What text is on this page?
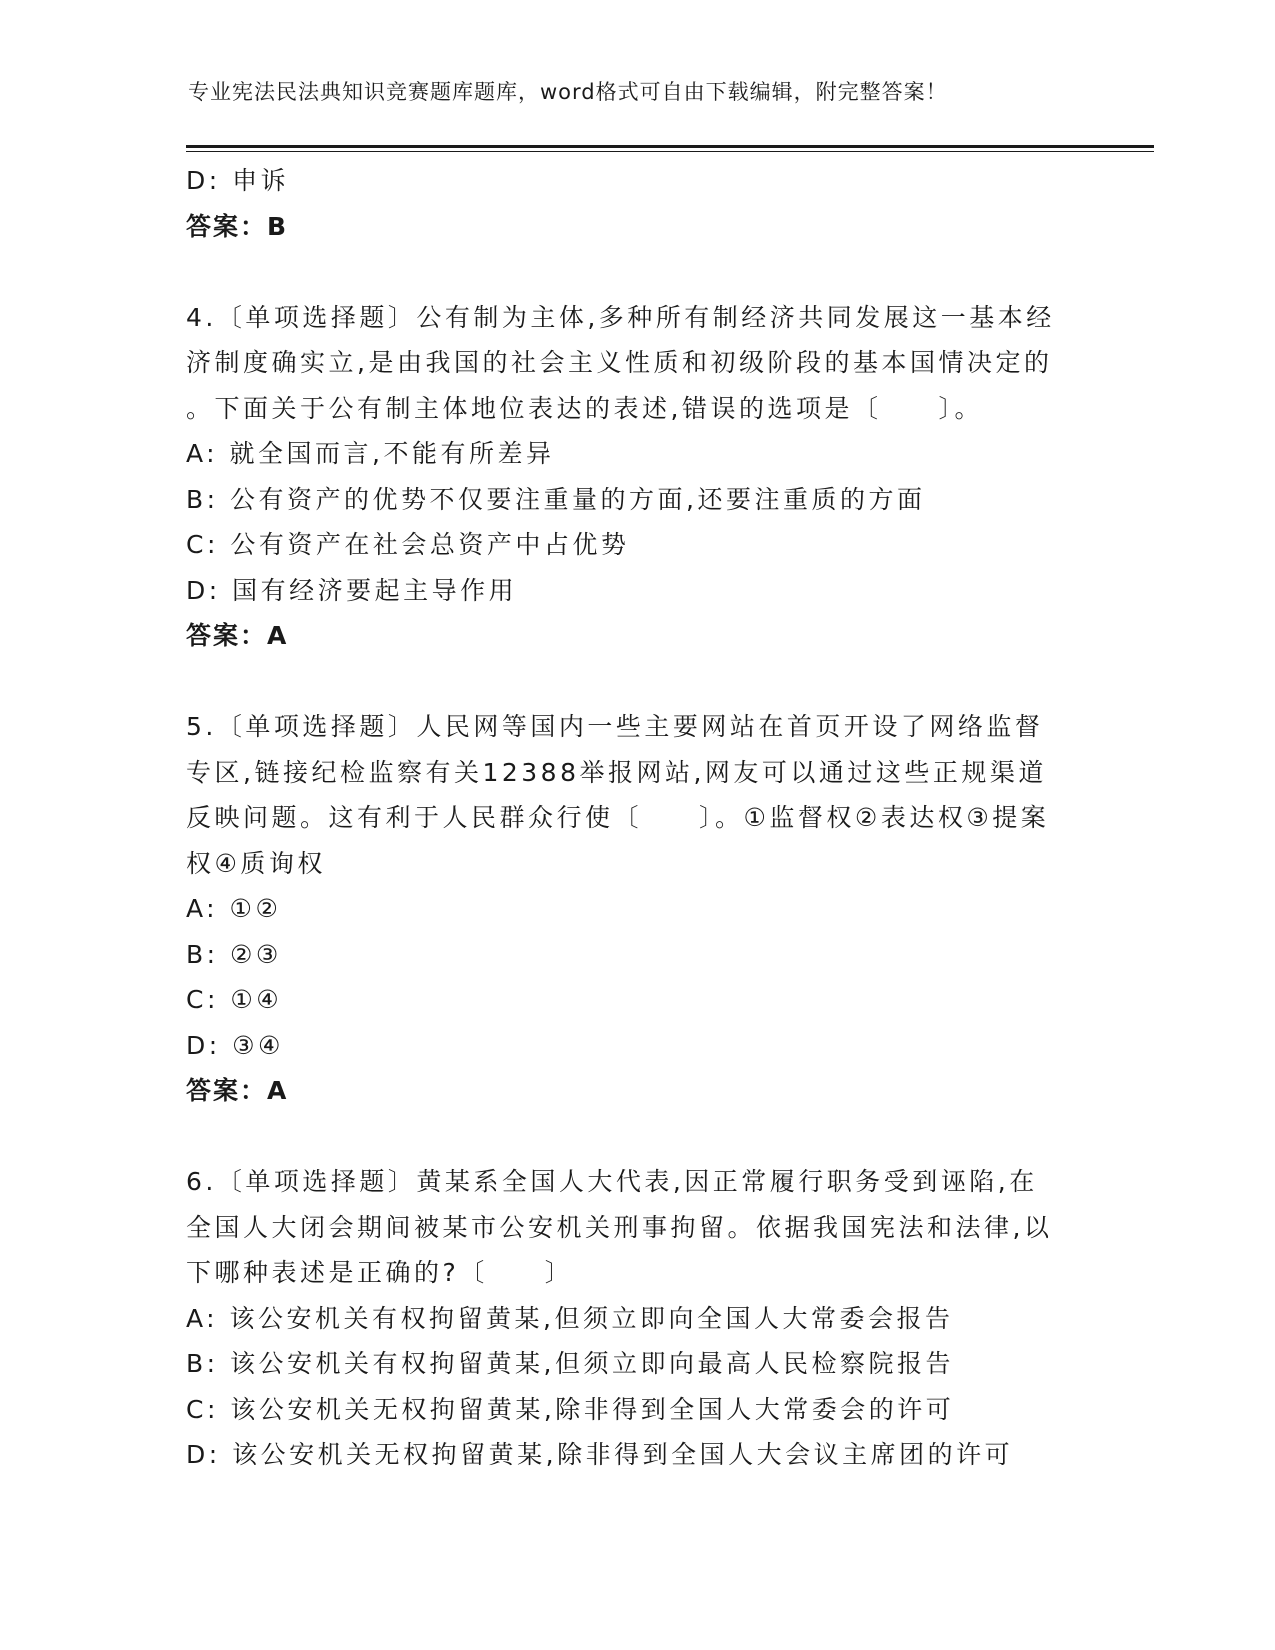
专业宪法民法典知识竞赛题库题库，word格式可自由下载编辑，附完整答案！
D: 申诉
答案：B
4.〔单项选择题〕公有制为主体,多种所有制经济共同发展这一基本经
济制度确实立,是由我国的社会主义性质和初级阶段的基本国情决定的
。下面关于公有制主体地位表达的表述,错误的选项是〔　　〕。
A: 就全国而言,不能有所差异
B: 公有资产的优势不仅要注重量的方面,还要注重质的方面
C: 公有资产在社会总资产中占优势
D: 国有经济要起主导作用
答案：A
5.〔单项选择题〕人民网等国内一些主要网站在首页开设了网络监督
专区,链接纪检监察有关12388举报网站,网友可以通过这些正规渠道
反映问题。这有利于人民群众行使〔　　〕。①监督权②表达权③提案
权④质询权
A: ①②
B: ②③
C: ①④
D: ③④
答案：A
6.〔单项选择题〕黄某系全国人大代表,因正常履行职务受到诬陷,在
全国人大闭会期间被某市公安机关刑事拘留。依据我国宪法和法律,以
下哪种表述是正确的?〔　　〕
A: 该公安机关有权拘留黄某,但须立即向全国人大常委会报告
B: 该公安机关有权拘留黄某,但须立即向最高人民检察院报告
C: 该公安机关无权拘留黄某,除非得到全国人大常委会的许可
D: 该公安机关无权拘留黄某,除非得到全国人大会议主席团的许可
